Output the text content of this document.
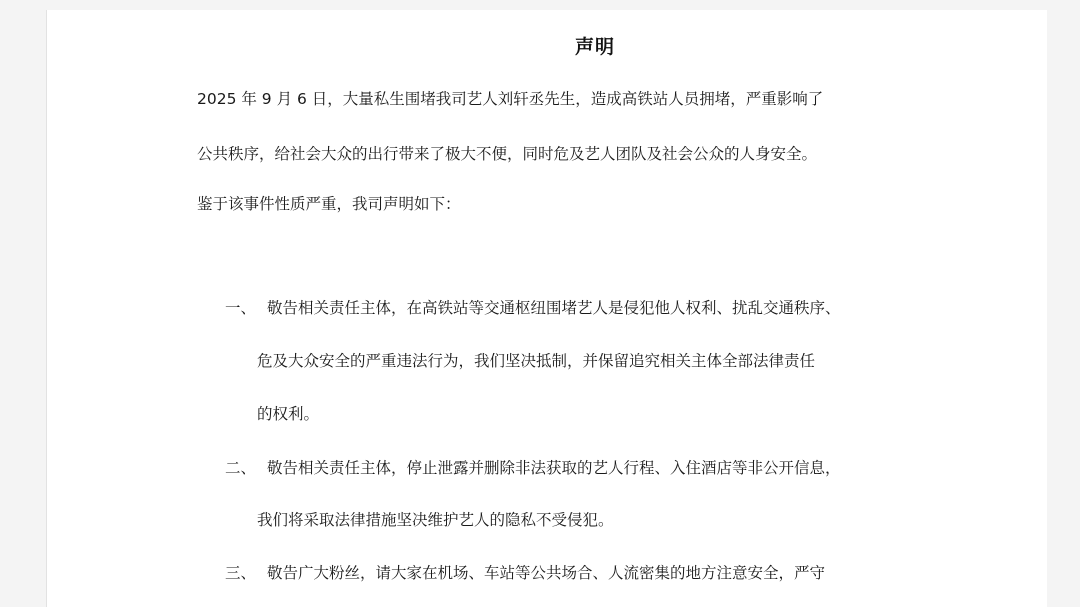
声明
2025 年 9 月 6 日，大量私生围堵我司艺人刘轩丞先生，造成高铁站人员拥堵，严重影响了
公共秩序，给社会大众的出行带来了极大不便，同时危及艺人团队及社会公众的人身安全。
鉴于该事件性质严重，我司声明如下：
一、 敬告相关责任主体，在高铁站等交通枢纽围堵艺人是侵犯他人权利、扰乱交通秩序、
危及大众安全的严重违法行为，我们坚决抵制，并保留追究相关主体全部法律责任
的权利。
二、 敬告相关责任主体，停止泄露并删除非法获取的艺人行程、入住酒店等非公开信息，
我们将采取法律措施坚决维护艺人的隐私不受侵犯。
三、 敬告广大粉丝，请大家在机场、车站等公共场合、人流密集的地方注意安全，严守
